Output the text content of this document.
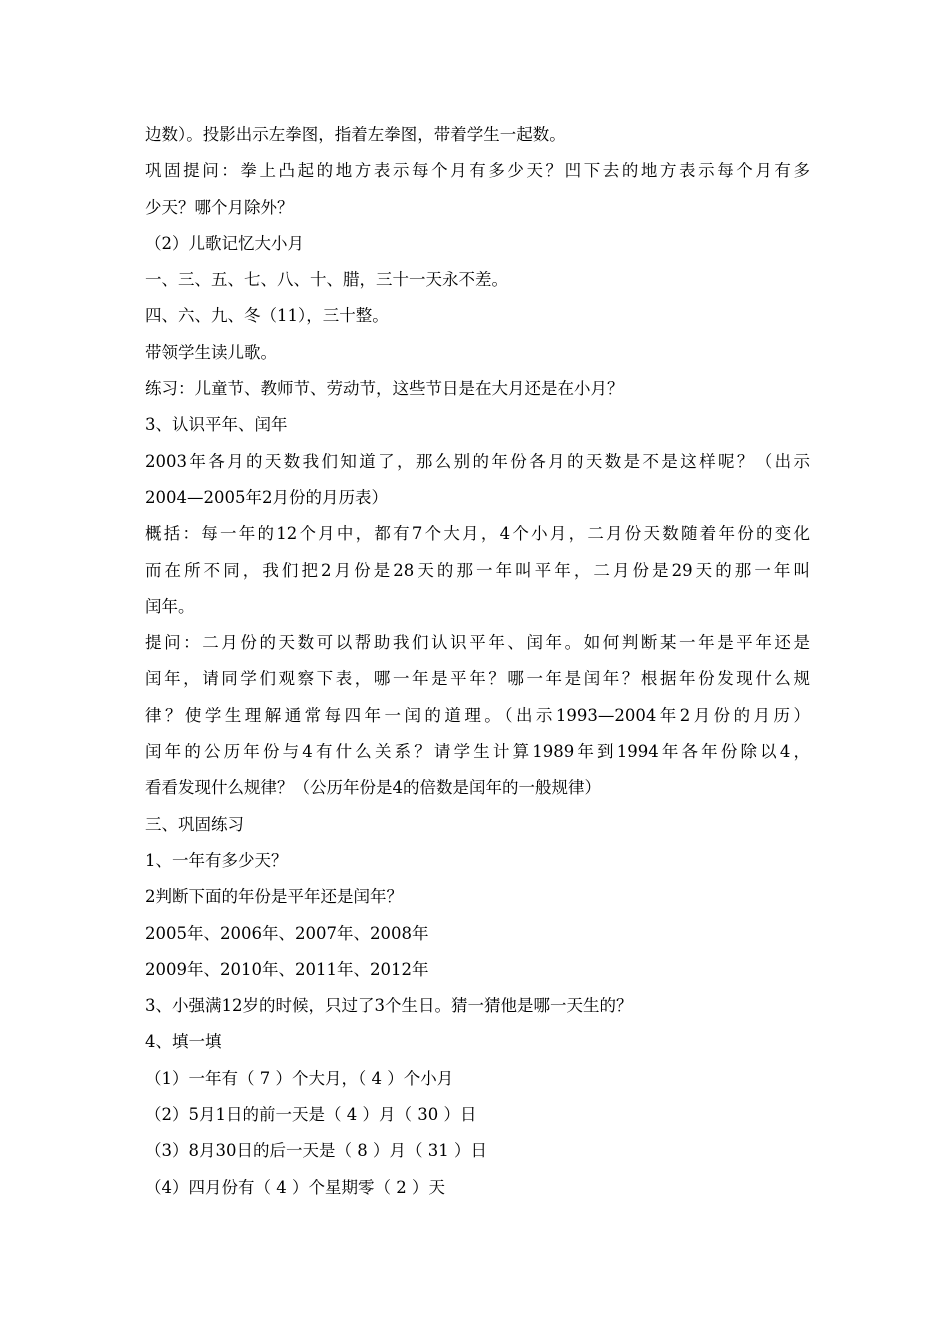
边数）。投影出示左拳图，指着左拳图，带着学生一起数。
巩固提问：拳上凸起的地方表示每个月有多少天？凹下去的地方表示每个月有多
少天？哪个月除外？
（2）儿歌记忆大小月
一、三、五、七、八、十、腊，三十一天永不差。
四、六、九、冬（11），三十整。
带领学生读儿歌。
练习：儿童节、教师节、劳动节，这些节日是在大月还是在小月？
3、认识平年、闰年
2003年各月的天数我们知道了，那么别的年份各月的天数是不是这样呢？（出示
2004—2005年2月份的月历表）
概括：每一年的12个月中，都有7个大月，4个小月，二月份天数随着年份的变化
而在所不同，我们把2月份是28天的那一年叫平年，二月份是29天的那一年叫
闰年。
提问：二月份的天数可以帮助我们认识平年、闰年。如何判断某一年是平年还是
闰年，请同学们观察下表，哪一年是平年？哪一年是闰年？根据年份发现什么规
律？使学生理解通常每四年一闰的道理。（出示1993—2004年2月份的月历）
闰年的公历年份与4有什么关系？请学生计算1989年到1994年各年份除以4，
看看发现什么规律？（公历年份是4的倍数是闰年的一般规律）
三、巩固练习
1、一年有多少天？
2判断下面的年份是平年还是闰年？
2005年、2006年、2007年、2008年
2009年、2010年、2011年、2012年
3、小强满12岁的时候，只过了3个生日。猜一猜他是哪一天生的？
4、填一填
（1）一年有（ 7 ）个大月，（ 4 ）个小月
（2）5月1日的前一天是（ 4 ）月（ 30 ）日
（3）8月30日的后一天是（ 8 ）月（ 31 ）日
（4）四月份有（ 4 ）个星期零（ 2 ）天
